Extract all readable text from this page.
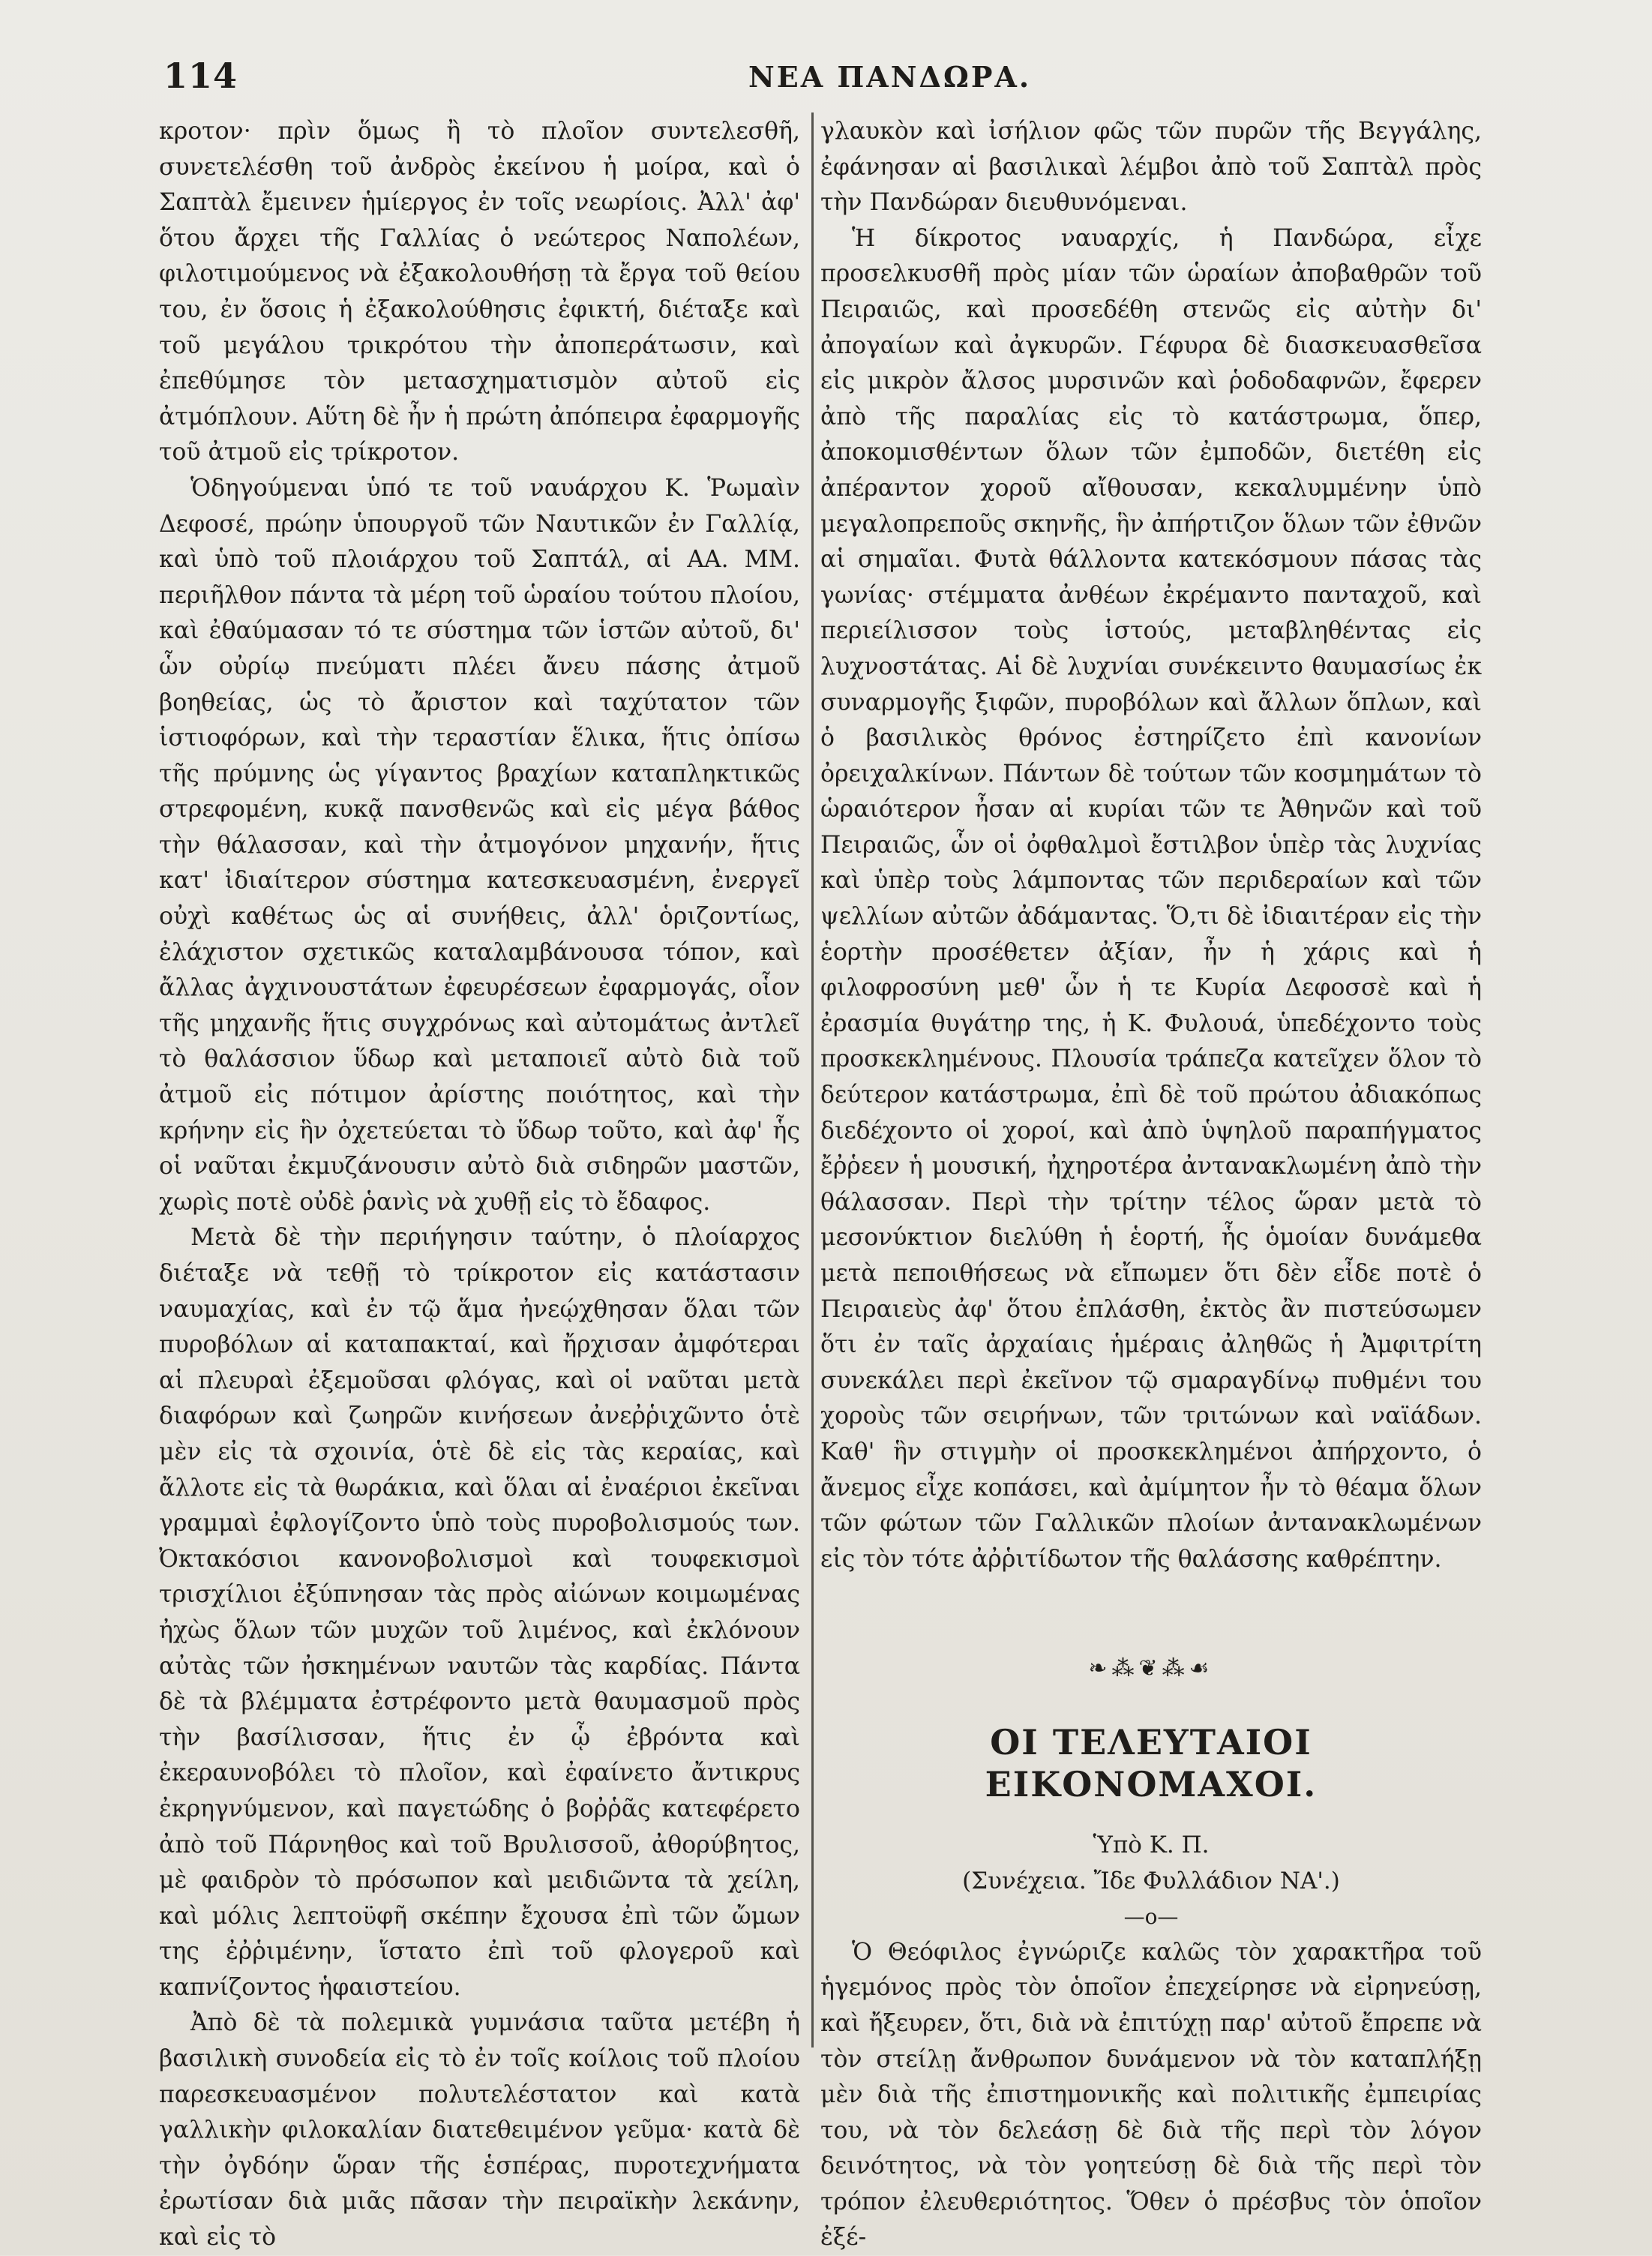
114	ΝΕΑ ΠΑΝΔΩΡΑ.

κροτον· πρὶν ὅμως ἢ τὸ πλοῖον συντελεσθῆ, συνετελέσθη τοῦ ἀνδρὸς ἐκείνου ἡ μοίρα, καὶ ὁ Σαπτὰλ ἔμεινεν ἡμίεργος ἐν τοῖς νεωρίοις. Ἀλλ' ἀφ' ὅτου ἄρχει τῆς Γαλλίας ὁ νεώτερος Ναπολέων, φιλοτιμούμενος νὰ ἐξακολουθήσῃ τὰ ἔργα τοῦ θείου του, ἐν ὅσοις ἡ ἐξακολούθησις ἐφικτή, διέταξε καὶ τοῦ μεγάλου τρικρότου τὴν ἀποπεράτωσιν, καὶ ἐπεθύμησε τὸν μετασχηματισμὸν αὐτοῦ εἰς ἀτμόπλουν. Αὕτη δὲ ἦν ἡ πρώτη ἀπόπειρα ἐφαρμογῆς τοῦ ἀτμοῦ εἰς τρίκροτον.

Ὁδηγούμεναι ὑπό τε τοῦ ναυάρχου Κ. Ῥωμαὶν Δεφοσέ, πρώην ὑπουργοῦ τῶν Ναυτικῶν ἐν Γαλλίᾳ, καὶ ὑπὸ τοῦ πλοιάρχου τοῦ Σαπτάλ, αἱ ΑΑ. ΜΜ. περιῆλθον πάντα τὰ μέρη τοῦ ὡραίου τούτου πλοίου, καὶ ἐθαύμασαν τό τε σύστημα τῶν ἱστῶν αὐτοῦ, δι' ὧν οὐρίῳ πνεύματι πλέει ἄνευ πάσης ἀτμοῦ βοηθείας, ὡς τὸ ἄριστον καὶ ταχύτατον τῶν ἱστιοφόρων, καὶ τὴν τεραστίαν ἕλικα, ἥτις ὀπίσω τῆς πρύμνης ὡς γίγαντος βραχίων καταπληκτικῶς στρεφομένη, κυκᾷ πανσθενῶς καὶ εἰς μέγα βάθος τὴν θάλασσαν, καὶ τὴν ἀτμογόνον μηχανήν, ἥτις κατ' ἰδιαίτερον σύστημα κατεσκευασμένη, ἐνεργεῖ οὐχὶ καθέτως ὡς αἱ συνήθεις, ἀλλ' ὁριζοντίως, ἐλάχιστον σχετικῶς καταλαμβάνουσα τόπον, καὶ ἄλλας ἀγχινουστάτων ἐφευρέσεων ἐφαρμογάς, οἷον τῆς μηχανῆς ἥτις συγχρόνως καὶ αὐτομάτως ἀντλεῖ τὸ θαλάσσιον ὕδωρ καὶ μεταποιεῖ αὐτὸ διὰ τοῦ ἀτμοῦ εἰς πότιμον ἀρίστης ποιότητος, καὶ τὴν κρήνην εἰς ἣν ὀχετεύεται τὸ ὕδωρ τοῦτο, καὶ ἀφ' ἧς οἱ ναῦται ἐκμυζάνουσιν αὐτὸ διὰ σιδηρῶν μαστῶν, χωρὶς ποτὲ οὐδὲ ῥανὶς νὰ χυθῇ εἰς τὸ ἔδαφος.

Μετὰ δὲ τὴν περιήγησιν ταύτην, ὁ πλοίαρχος διέταξε νὰ τεθῇ τὸ τρίκροτον εἰς κατάστασιν ναυμαχίας, καὶ ἐν τῷ ἅμα ἠνεῴχθησαν ὅλαι τῶν πυροβόλων αἱ καταπακταί, καὶ ἤρχισαν ἀμφότεραι αἱ πλευραὶ ἐξεμοῦσαι φλόγας, καὶ οἱ ναῦται μετὰ διαφόρων καὶ ζωηρῶν κινήσεων ἀνεῤῥιχῶντο ὁτὲ μὲν εἰς τὰ σχοινία, ὁτὲ δὲ εἰς τὰς κεραίας, καὶ ἄλλοτε εἰς τὰ θωράκια, καὶ ὅλαι αἱ ἐναέριοι ἐκεῖναι γραμμαὶ ἐφλογίζοντο ὑπὸ τοὺς πυροβολισμούς των. Ὀκτακόσιοι κανονοβολισμοὶ καὶ τουφεκισμοὶ τρισχίλιοι ἐξύπνησαν τὰς πρὸς αἰώνων κοιμωμένας ἠχὼς ὅλων τῶν μυχῶν τοῦ λιμένος, καὶ ἐκλόνουν αὐτὰς τῶν ἠσκημένων ναυτῶν τὰς καρδίας. Πάντα δὲ τὰ βλέμματα ἐστρέφοντο μετὰ θαυμασμοῦ πρὸς τὴν βασίλισσαν, ἥτις ἐν ᾧ ἐβρόντα καὶ ἐκεραυνοβόλει τὸ πλοῖον, καὶ ἐφαίνετο ἄντικρυς ἐκρηγνύμενον, καὶ παγετώδης ὁ βοῤῥᾶς κατεφέρετο ἀπὸ τοῦ Πάρνηθος καὶ τοῦ Βρυλισσοῦ, ἀθορύβητος, μὲ φαιδρὸν τὸ πρόσωπον καὶ μειδιῶντα τὰ χείλη, καὶ μόλις λεπτοϋφῆ σκέπην ἔχουσα ἐπὶ τῶν ὤμων της ἐῤῥιμένην, ἵστατο ἐπὶ τοῦ φλογεροῦ καὶ καπνίζοντος ἡφαιστείου.

Ἀπὸ δὲ τὰ πολεμικὰ γυμνάσια ταῦτα μετέβη ἡ βασιλικὴ συνοδεία εἰς τὸ ἐν τοῖς κοίλοις τοῦ πλοίου παρεσκευασμένον πολυτελέστατον καὶ κατὰ γαλλικὴν φιλοκαλίαν διατεθειμένον γεῦμα· κατὰ δὲ τὴν ὀγδόην ὥραν τῆς ἑσπέρας, πυροτεχνήματα ἐρωτίσαν διὰ μιᾶς πᾶσαν τὴν πειραϊκὴν λεκάνην, καὶ εἰς τὸ

γλαυκὸν καὶ ἰσήλιον φῶς τῶν πυρῶν τῆς Βεγγάλης, ἐφάνησαν αἱ βασιλικαὶ λέμβοι ἀπὸ τοῦ Σαπτὰλ πρὸς τὴν Πανδώραν διευθυνόμεναι.

Ἡ δίκροτος ναυαρχίς, ἡ Πανδώρα, εἶχε προσελκυσθῆ πρὸς μίαν τῶν ὡραίων ἀποβαθρῶν τοῦ Πειραιῶς, καὶ προσεδέθη στενῶς εἰς αὐτὴν δι' ἀπογαίων καὶ ἀγκυρῶν. Γέφυρα δὲ διασκευασθεῖσα εἰς μικρὸν ἄλσος μυρσινῶν καὶ ῥοδοδαφνῶν, ἔφερεν ἀπὸ τῆς παραλίας εἰς τὸ κατάστρωμα, ὅπερ, ἀποκομισθέντων ὅλων τῶν ἐμποδῶν, διετέθη εἰς ἀπέραντον χοροῦ αἴθουσαν, κεκαλυμμένην ὑπὸ μεγαλοπρεποῦς σκηνῆς, ἣν ἀπήρτιζον ὅλων τῶν ἐθνῶν αἱ σημαῖαι. Φυτὰ θάλλοντα κατεκόσμουν πάσας τὰς γωνίας· στέμματα ἀνθέων ἐκρέμαντο πανταχοῦ, καὶ περιείλισσον τοὺς ἱστούς, μεταβληθέντας εἰς λυχνοστάτας. Αἱ δὲ λυχνίαι συνέκειντο θαυμασίως ἐκ συναρμογῆς ξιφῶν, πυροβόλων καὶ ἄλλων ὅπλων, καὶ ὁ βασιλικὸς θρόνος ἐστηρίζετο ἐπὶ κανονίων ὀρειχαλκίνων. Πάντων δὲ τούτων τῶν κοσμημάτων τὸ ὡραιότερον ἦσαν αἱ κυρίαι τῶν τε Ἀθηνῶν καὶ τοῦ Πειραιῶς, ὧν οἱ ὀφθαλμοὶ ἔστιλβον ὑπὲρ τὰς λυχνίας καὶ ὑπὲρ τοὺς λάμποντας τῶν περιδεραίων καὶ τῶν ψελλίων αὐτῶν ἀδάμαντας. Ὅ,τι δὲ ἰδιαιτέραν εἰς τὴν ἑορτὴν προσέθετεν ἀξίαν, ἦν ἡ χάρις καὶ ἡ φιλοφροσύνη μεθ' ὧν ἡ τε Κυρία Δεφοσσὲ καὶ ἡ ἐρασμία θυγάτηρ της, ἡ Κ. Φυλουά, ὑπεδέχοντο τοὺς προσκεκλημένους. Πλουσία τράπεζα κατεῖχεν ὅλον τὸ δεύτερον κατάστρωμα, ἐπὶ δὲ τοῦ πρώτου ἀδιακόπως διεδέχοντο οἱ χοροί, καὶ ἀπὸ ὑψηλοῦ παραπήγματος ἔῤῥεεν ἡ μουσική, ἠχηροτέρα ἀντανακλωμένη ἀπὸ τὴν θάλασσαν. Περὶ τὴν τρίτην τέλος ὥραν μετὰ τὸ μεσονύκτιον διελύθη ἡ ἑορτή, ἧς ὁμοίαν δυνάμεθα μετὰ πεποιθήσεως νὰ εἴπωμεν ὅτι δὲν εἶδε ποτὲ ὁ Πειραιεὺς ἀφ' ὅτου ἐπλάσθη, ἐκτὸς ἂν πιστεύσωμεν ὅτι ἐν ταῖς ἀρχαίαις ἡμέραις ἀληθῶς ἡ Ἀμφιτρίτη συνεκάλει περὶ ἐκεῖνον τῷ σμαραγδίνῳ πυθμένι του χοροὺς τῶν σειρήνων, τῶν τριτώνων καὶ ναϊάδων. Καθ' ἣν στιγμὴν οἱ προσκεκλημένοι ἀπήρχοντο, ὁ ἄνεμος εἶχε κοπάσει, καὶ ἀμίμητον ἦν τὸ θέαμα ὅλων τῶν φώτων τῶν Γαλλικῶν πλοίων ἀντανακλωμένων εἰς τὸν τότε ἀῤῥιτίδωτον τῆς θαλάσσης καθρέπτην.

❧⁂❦⁂☙
ΟΙ ΤΕΛΕΥΤΑΙΟΙ ΕΙΚΟΝΟΜΑΧΟΙ.

Ὑπὸ Κ. Π.

(Συνέχεια. Ἴδε Φυλλάδιον ΝΑ'.)

—o—

Ὁ Θεόφιλος ἐγνώριζε καλῶς τὸν χαρακτῆρα τοῦ ἡγεμόνος πρὸς τὸν ὁποῖον ἐπεχείρησε νὰ εἰρηνεύσῃ, καὶ ἤξευρεν, ὅτι, διὰ νὰ ἐπιτύχῃ παρ' αὐτοῦ ἔπρεπε νὰ τὸν στείλῃ ἄνθρωπον δυνάμενον νὰ τὸν καταπλήξῃ μὲν διὰ τῆς ἐπιστημονικῆς καὶ πολιτικῆς ἐμπειρίας του, νὰ τὸν δελεάσῃ δὲ διὰ τῆς περὶ τὸν λόγον δεινότητος, νὰ τὸν γοητεύσῃ δὲ διὰ τῆς περὶ τὸν τρόπον ἐλευθεριότητος. Ὅθεν ὁ πρέσβυς τὸν ὁποῖον ἐξέ-
